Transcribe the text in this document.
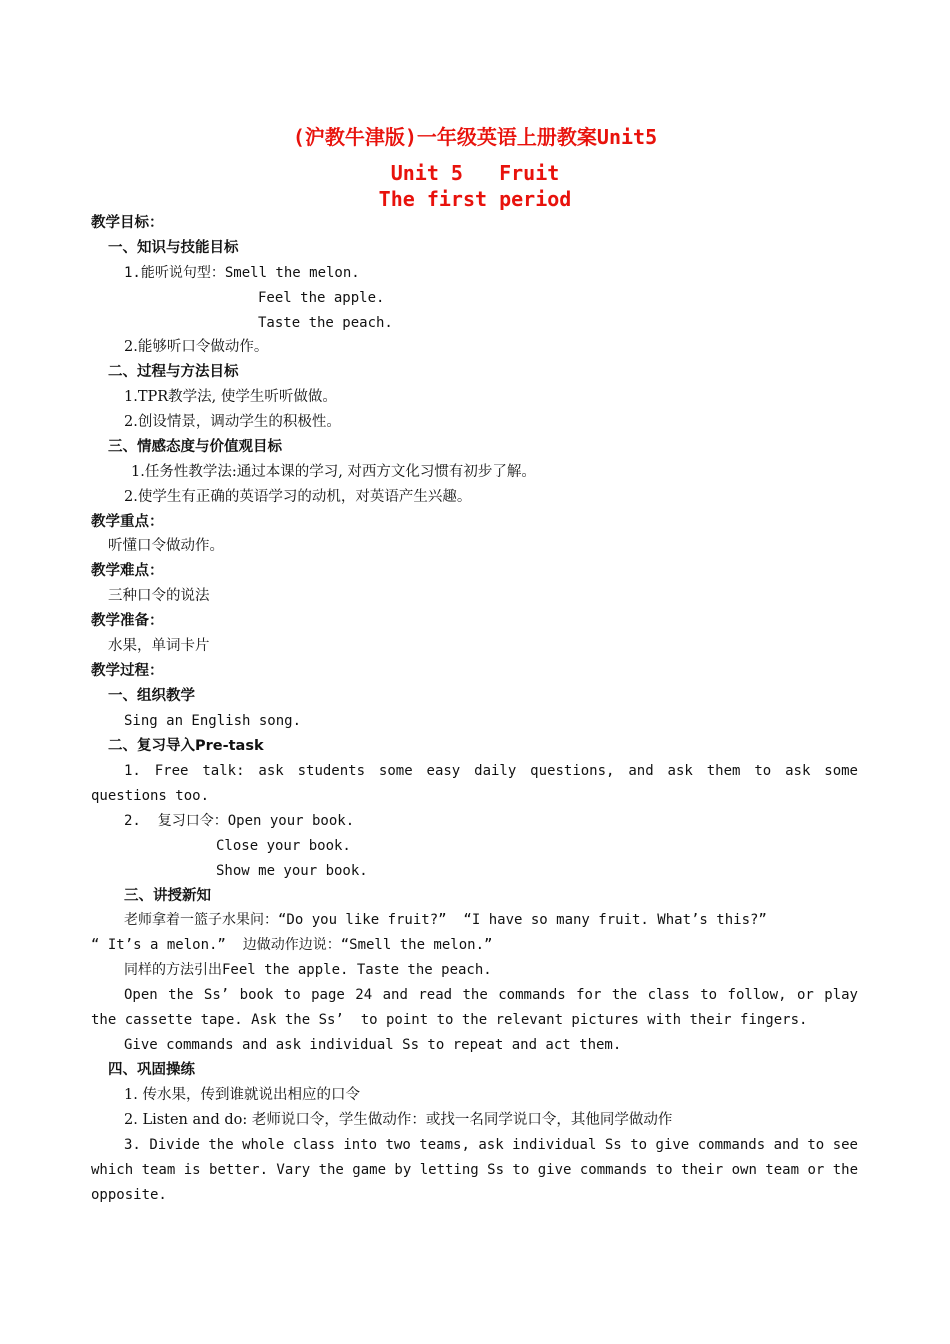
(沪教牛津版)一年级英语上册教案Unit5
Unit 5   Fruit
The first period
教学目标：
一、知识与技能目标
1.能听说句型：Smell the melon.
Feel the apple.
Taste the peach.
2.能够听口令做动作。
二、过程与方法目标
1.TPR教学法, 使学生听听做做。
2.创设情景，调动学生的积极性。
三、情感态度与价值观目标
1.任务性教学法:通过本课的学习, 对西方文化习惯有初步了解。
2.使学生有正确的英语学习的动机，对英语产生兴趣。
教学重点：
听懂口令做动作。
教学难点：
三种口令的说法
教学准备：
水果，单词卡片
教学过程：
一、组织教学
Sing an English song.
二、复习导入Pre-task
1. Free talk: ask students some easy daily questions, and ask them to ask some
questions too.
2.  复习口令：Open your book.
Close your book.
Show me your book.
三、讲授新知
老师拿着一篮子水果问：“Do you like fruit?”  “I have so many fruit. What’s this?”
“ It’s a melon.”  边做动作边说：“Smell the melon.”
同样的方法引出Feel the apple. Taste the peach.
Open the Ss’ book to page 24 and read the commands for the class to follow, or play
the cassette tape. Ask the Ss’  to point to the relevant pictures with their fingers.
Give commands and ask individual Ss to repeat and act them.
四、巩固操练
1. 传水果，传到谁就说出相应的口令
2. Listen and do: 老师说口令，学生做动作：或找一名同学说口令，其他同学做动作
3. Divide the whole class into two teams, ask individual Ss to give commands and to see
which team is better. Vary the game by letting Ss to give commands to their own team or the
opposite.
